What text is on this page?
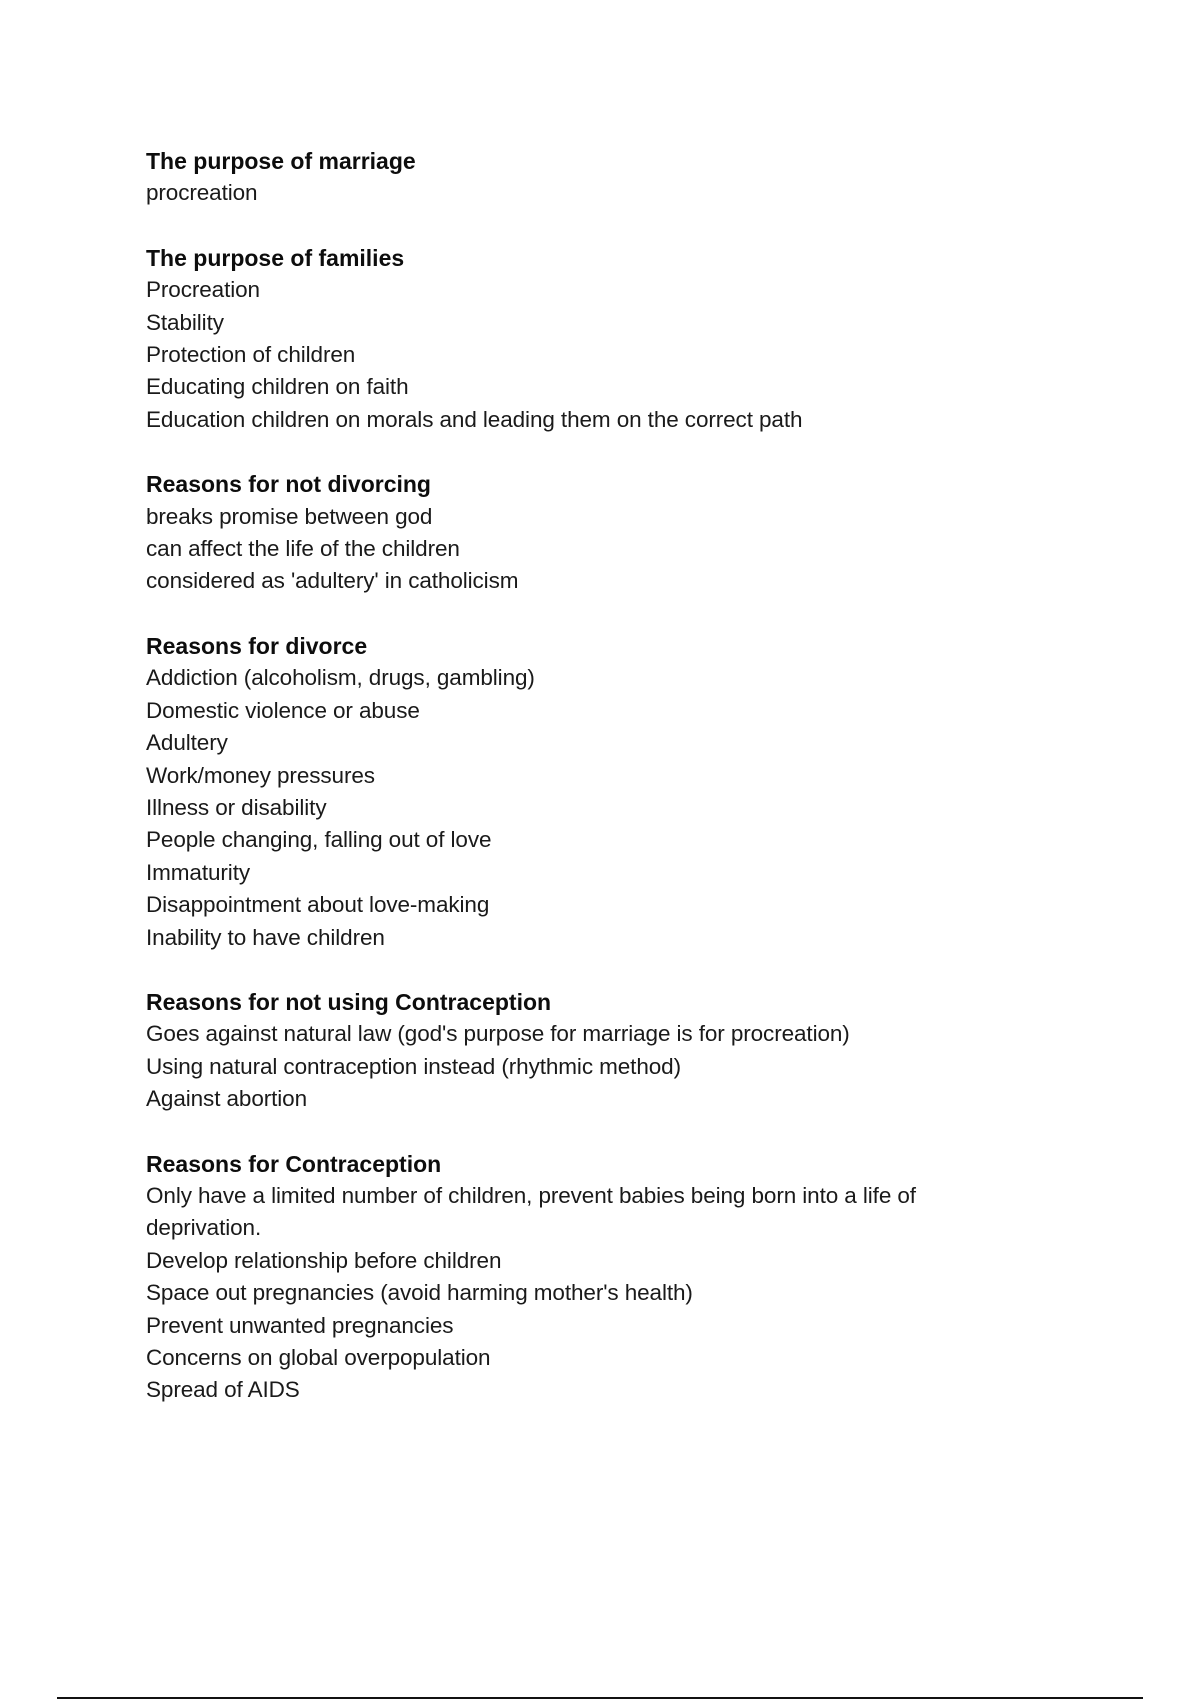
The purpose of marriage
procreation
The purpose of families
Procreation
Stability
Protection of children
Educating children on faith
Education children on morals and leading them on the correct path
Reasons for not divorcing
breaks promise between god
can affect the life of the children
considered as 'adultery' in catholicism
Reasons for divorce
Addiction (alcoholism, drugs, gambling)
Domestic violence or abuse
Adultery
Work/money pressures
Illness or disability
People changing, falling out of love
Immaturity
Disappointment about love-making
Inability to have children
Reasons for not using Contraception
Goes against natural law (god's purpose for marriage is for procreation)
Using natural contraception instead (rhythmic method)
Against abortion
Reasons for Contraception
Only have a limited number of children, prevent babies being born into a life of
deprivation.
Develop relationship before children
Space out pregnancies (avoid harming mother's health)
Prevent unwanted pregnancies
Concerns on global overpopulation
Spread of AIDS
